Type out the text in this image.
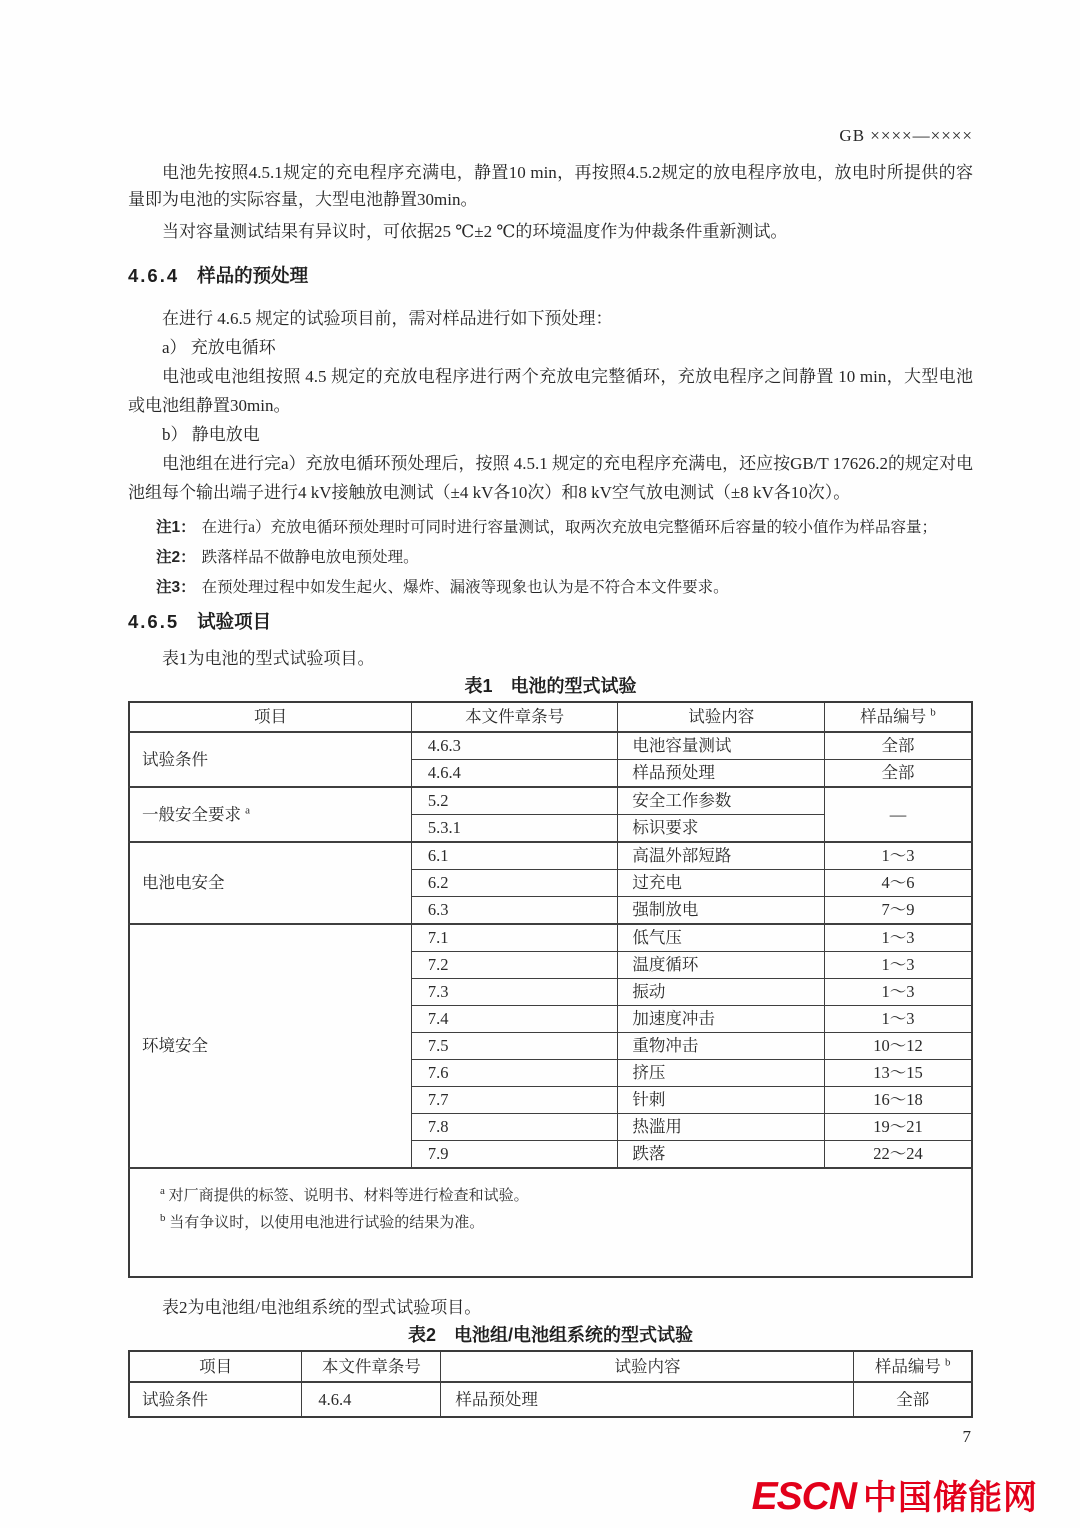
GB ××××—××××

电池先按照4.5.1规定的充电程序充满电，静置10 min，再按照4.5.2规定的放电程序放电，放电时所提供的容量即为电池的实际容量，大型电池静置30min。

当对容量测试结果有异议时，可依据25 ℃±2 ℃的环境温度作为仲裁条件重新测试。

4.6.4 样品的预处理

在进行 4.6.5 规定的试验项目前，需对样品进行如下预处理：

a） 充放电循环

电池或电池组按照 4.5 规定的充放电程序进行两个充放电完整循环，充放电程序之间静置 10 min，大型电池或电池组静置30min。

b） 静电放电

电池组在进行完a）充放电循环预处理后，按照 4.5.1 规定的充电程序充满电，还应按GB/T 17626.2的规定对电池组每个输出端子进行4 kV接触放电测试（±4 kV各10次）和8 kV空气放电测试（±8 kV各10次）。

注1： 在进行a）充放电循环预处理时可同时进行容量测试，取两次充放电完整循环后容量的较小值作为样品容量；
注2： 跌落样品不做静电放电预处理。
注3： 在预处理过程中如发生起火、爆炸、漏液等现象也认为是不符合本文件要求。
4.6.5 试验项目

表1为电池的型式试验项目。

表1　电池的型式试验
项目	本文件章条号	试验内容	样品编号 $^b$
试验条件	4.6.3	电池容量测试	全部
	4.6.4	样品预处理	全部
一般安全要求 $^a$	5.2	安全工作参数	—
	5.3.1	标识要求	
电池电安全	6.1	高温外部短路	1～3
	6.2	过充电	4～6
	6.3	强制放电	7～9
环境安全	7.1	低气压	1～3
	7.2	温度循环	1～3
	7.3	振动	1～3
	7.4	加速度冲击	1～3
	7.5	重物冲击	10～12
	7.6	挤压	13～15
	7.7	针刺	16～18
	7.8	热滥用	19～21
	7.9	跌落	22～24

$^a$ 对厂商提供的标签、说明书、材料等进行检查和试验。
$^b$ 当有争议时，以使用电池进行试验的结果为准。			

表2为电池组/电池组系统的型式试验项目。

表2　电池组/电池组系统的型式试验
项目	本文件章条号	试验内容	样品编号 $^b$
试验条件	4.6.4	样品预处理	全部
7
ESCN 中国储能网
